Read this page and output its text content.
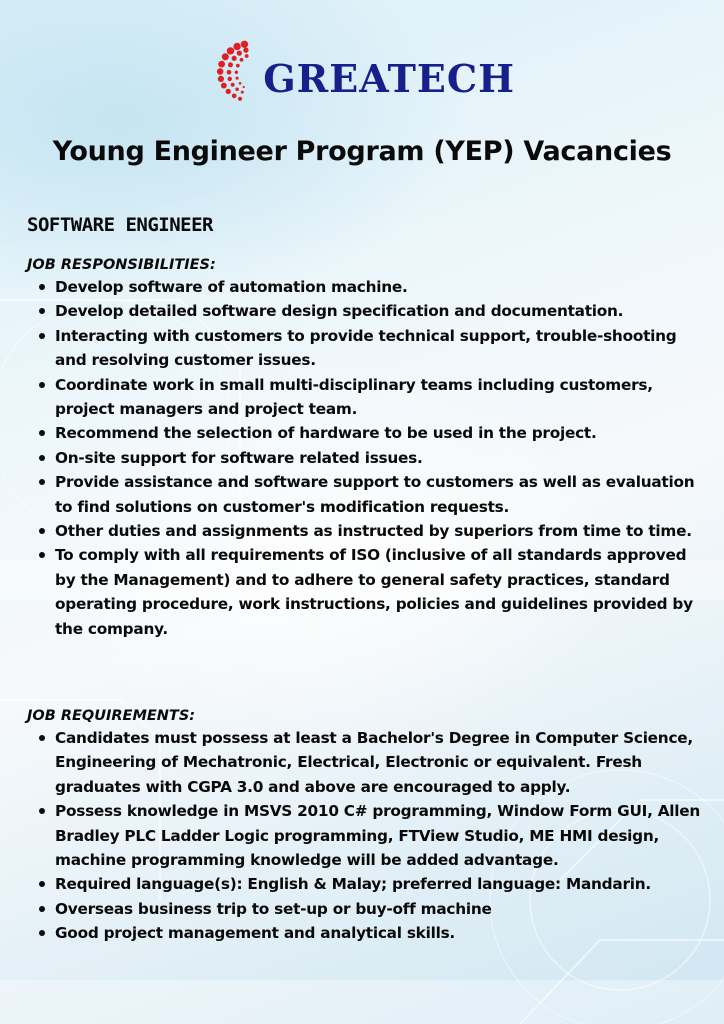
GREATECH
Young Engineer Program (YEP) Vacancies
SOFTWARE ENGINEER

JOB RESPONSIBILITIES:

Develop software of automation machine.
Develop detailed software design specification and documentation.
Interacting with customers to provide technical support, trouble-shooting and resolving customer issues.
Coordinate work in small multi-disciplinary teams including customers, project managers and project team.
Recommend the selection of hardware to be used in the project.
On-site support for software related issues.
Provide assistance and software support to customers as well as evaluation to find solutions on customer's modification requests.
Other duties and assignments as instructed by superiors from time to time.
To comply with all requirements of ISO (inclusive of all standards approved by the Management) and to adhere to general safety practices, standard operating procedure, work instructions, policies and guidelines provided by the company.

JOB REQUIREMENTS:

Candidates must possess at least a Bachelor's Degree in Computer Science, Engineering of Mechatronic, Electrical, Electronic or equivalent. Fresh graduates with CGPA 3.0 and above are encouraged to apply.
Possess knowledge in MSVS 2010 C# programming, Window Form GUI, Allen Bradley PLC Ladder Logic programming, FTView Studio, ME HMI design, machine programming knowledge will be added advantage.
Required language(s): English & Malay; preferred language: Mandarin.
Overseas business trip to set-up or buy-off machine
Good project management and analytical skills.
